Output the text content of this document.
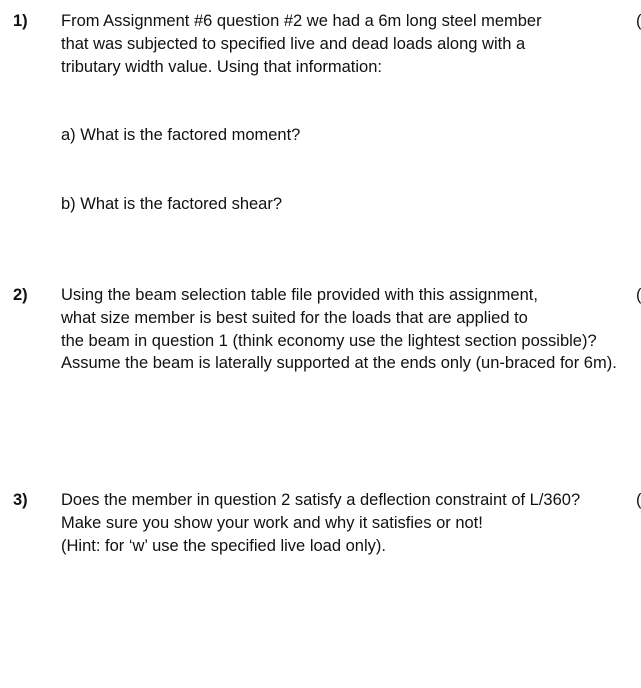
1) From Assignment #6 question #2 we had a 6m long steel member
that was subjected to specified live and dead loads along with a
tributary width value. Using that information:
(
a) What is the factored moment?
b) What is the factored shear?
2) Using the beam selection table file provided with this assignment,
what size member is best suited for the loads that are applied to
the beam in question 1 (think economy use the lightest section possible)?
Assume the beam is laterally supported at the ends only (un-braced for 6m).
(
3) Does the member in question 2 satisfy a deflection constraint of L/360?
Make sure you show your work and why it satisfies or not!
(Hint: for ‘w’ use the specified live load only).
(
